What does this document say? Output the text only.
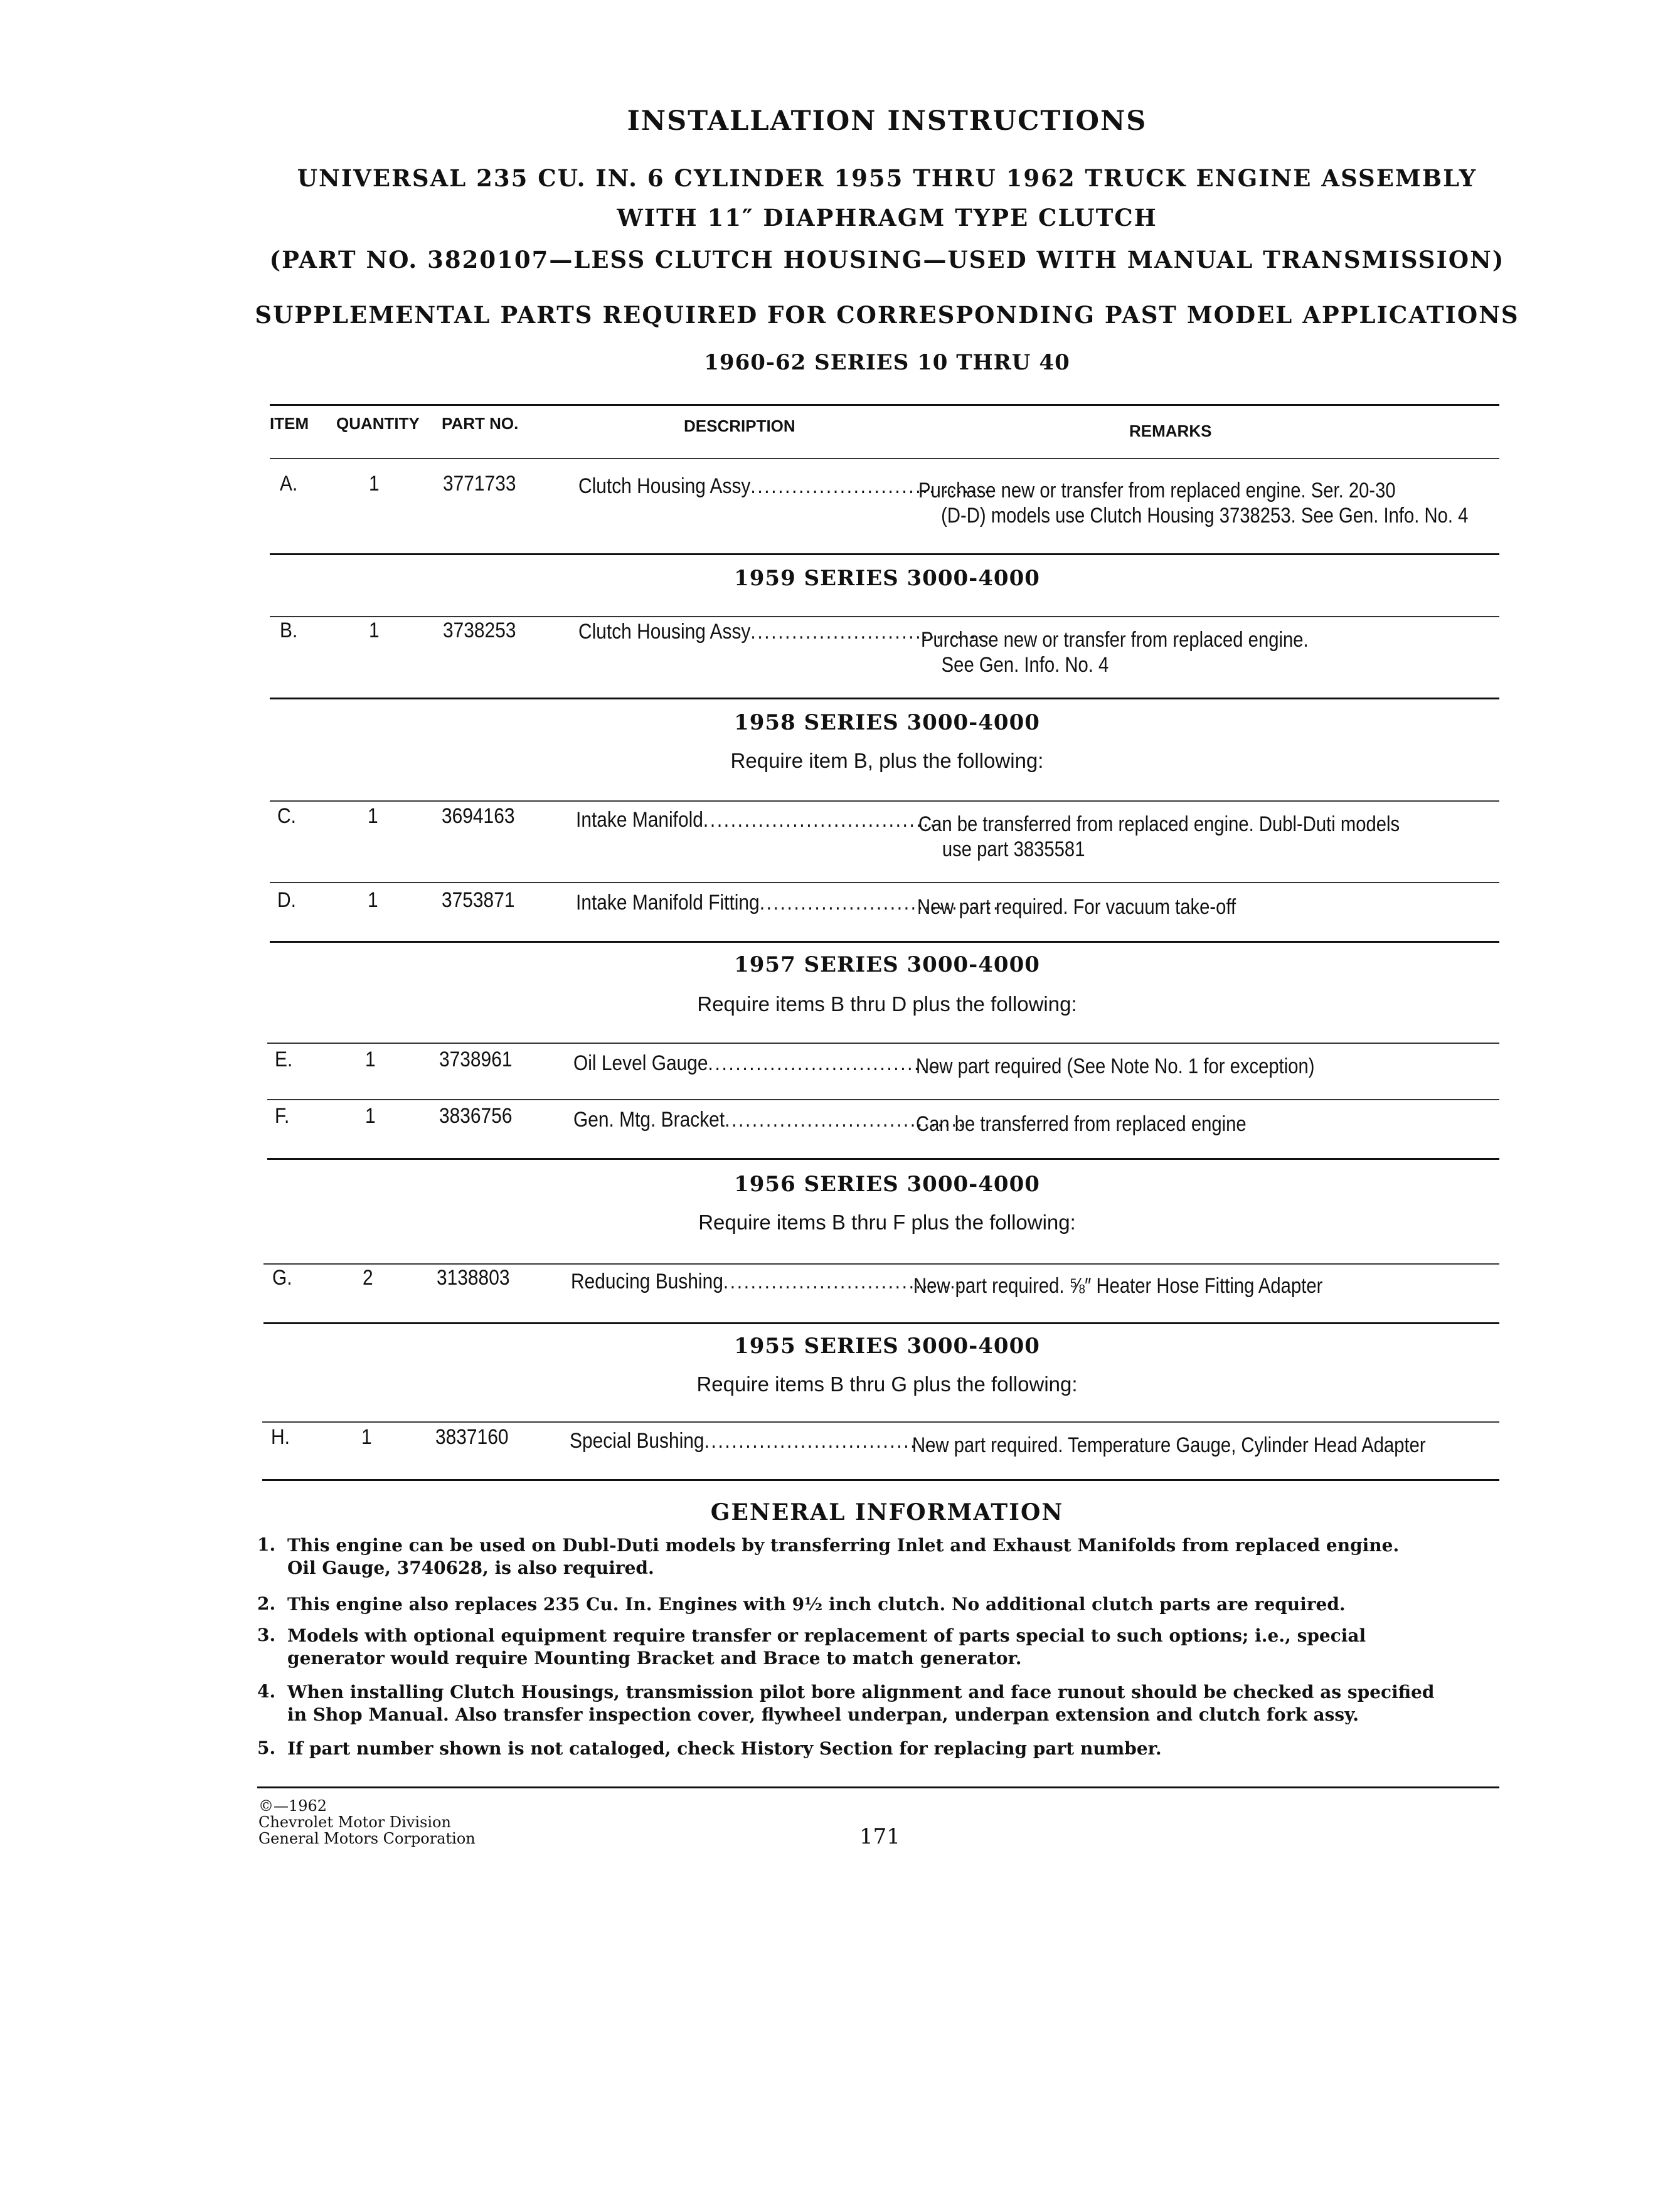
INSTALLATION INSTRUCTIONS
UNIVERSAL 235 CU. IN. 6 CYLINDER 1955 THRU 1962 TRUCK ENGINE ASSEMBLY
WITH 11″ DIAPHRAGM TYPE CLUTCH
(PART NO. 3820107—LESS CLUTCH HOUSING—USED WITH MANUAL TRANSMISSION)
SUPPLEMENTAL PARTS REQUIRED FOR CORRESPONDING PAST MODEL APPLICATIONS
1960-62 SERIES 10 THRU 40
ITEM QUANTITY PART NO.	DESCRIPTION	REMARKS
A.	1	3771733	Clutch Housing Assy...................................
Purchase new or transfer from replaced engine. Ser. 20-30
(D-D) models use Clutch Housing 3738253. See Gen. Info. No. 4
1959 SERIES 3000-4000
B.	1	3738253	Clutch Housing Assy...................................
Purchase new or transfer from replaced engine.
See Gen. Info. No. 4
1958 SERIES 3000-4000
Require item B, plus the following:
C.	1	3694163	Intake Manifold...................................
Can be transferred from replaced engine. Dubl-Duti models
use part 3835581
D.	1	3753871	Intake Manifold Fitting...................................
New part required. For vacuum take-off
1957 SERIES 3000-4000
Require items B thru D plus the following:
E.	1	3738961	Oil Level Gauge...................................
New part required (See Note No. 1 for exception)
F.	1	3836756	Gen. Mtg. Bracket...................................
Can be transferred from replaced engine
1956 SERIES 3000-4000
Require items B thru F plus the following:
G.	2	3138803	Reducing Bushing...................................
New part required. ⅝″ Heater Hose Fitting Adapter
1955 SERIES 3000-4000
Require items B thru G plus the following:
H.	1	3837160	Special Bushing...................................
New part required. Temperature Gauge, Cylinder Head Adapter
GENERAL INFORMATION
1. This engine can be used on Dubl-Duti models by transferring Inlet and Exhaust Manifolds from replaced engine.
Oil Gauge, 3740628, is also required.
2. This engine also replaces 235 Cu. In. Engines with 9½ inch clutch. No additional clutch parts are required.
3. Models with optional equipment require transfer or replacement of parts special to such options; i.e., special
generator would require Mounting Bracket and Brace to match generator.
4. When installing Clutch Housings, transmission pilot bore alignment and face runout should be checked as specified
in Shop Manual. Also transfer inspection cover, flywheel underpan, underpan extension and clutch fork assy.
5. If part number shown is not cataloged, check History Section for replacing part number.
©—1962
Chevrolet Motor Division
General Motors Corporation	171
